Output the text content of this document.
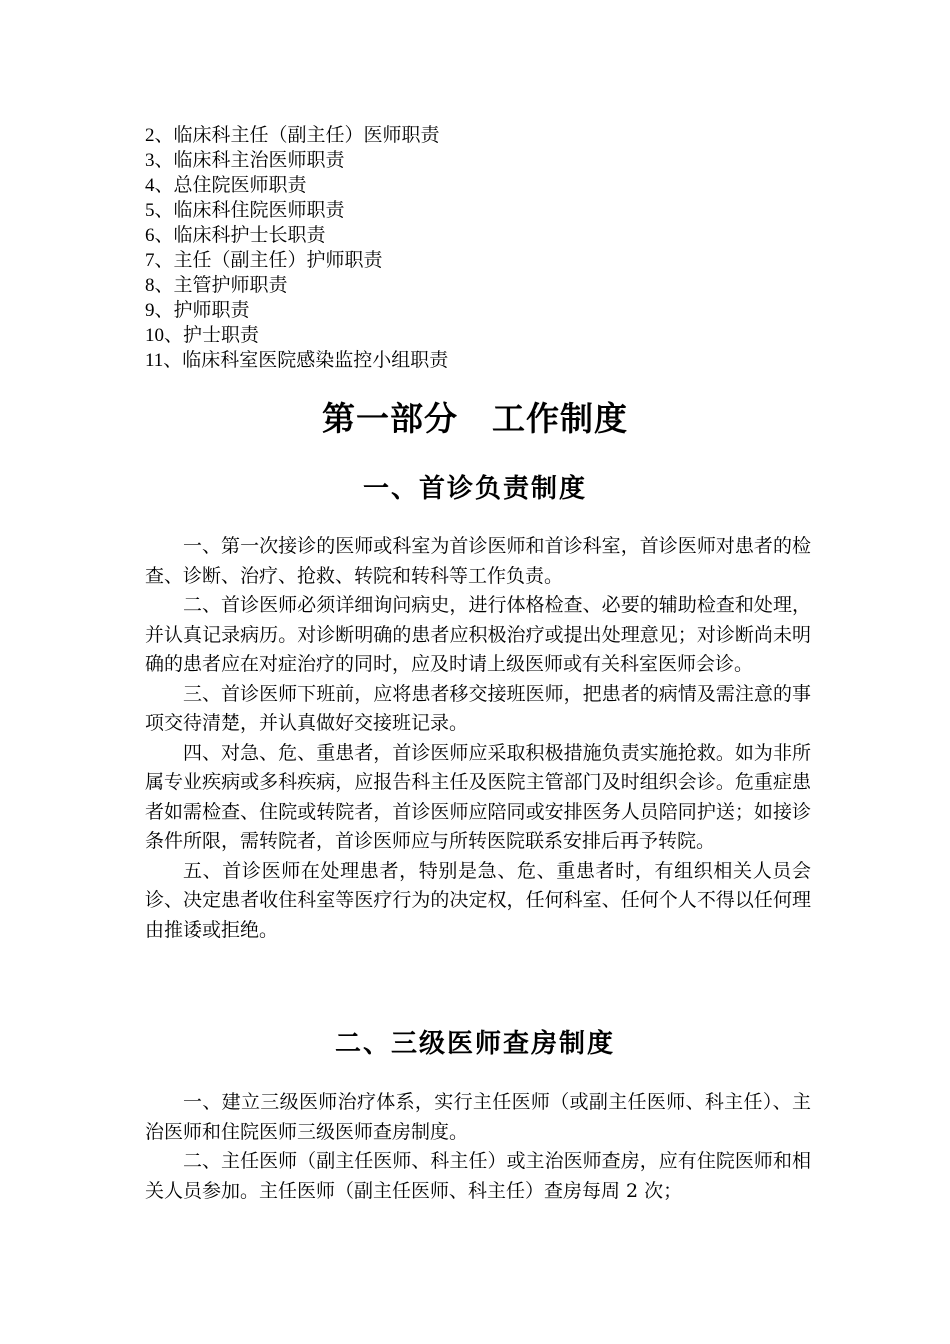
2、临床科主任（副主任）医师职责
3、临床科主治医师职责
4、总住院医师职责
5、临床科住院医师职责
6、临床科护士长职责
7、主任（副主任）护师职责
8、主管护师职责
9、护师职责
10、护士职责
11、临床科室医院感染监控小组职责
第一部分　工作制度
一、首诊负责制度

一、第一次接诊的医师或科室为首诊医师和首诊科室，首诊医师对患者的检查、诊断、治疗、抢救、转院和转科等工作负责。

二、首诊医师必须详细询问病史，进行体格检查、必要的辅助检查和处理，并认真记录病历。对诊断明确的患者应积极治疗或提出处理意见；对诊断尚未明确的患者应在对症治疗的同时，应及时请上级医师或有关科室医师会诊。

三、首诊医师下班前，应将患者移交接班医师，把患者的病情及需注意的事项交待清楚，并认真做好交接班记录。

四、对急、危、重患者，首诊医师应采取积极措施负责实施抢救。如为非所属专业疾病或多科疾病，应报告科主任及医院主管部门及时组织会诊。危重症患者如需检查、住院或转院者，首诊医师应陪同或安排医务人员陪同护送；如接诊条件所限，需转院者，首诊医师应与所转医院联系安排后再予转院。

五、首诊医师在处理患者，特别是急、危、重患者时，有组织相关人员会诊、决定患者收住科室等医疗行为的决定权，任何科室、任何个人不得以任何理由推诿或拒绝。

二、三级医师查房制度

一、建立三级医师治疗体系，实行主任医师（或副主任医师、科主任）、主治医师和住院医师三级医师查房制度。

二、主任医师（副主任医师、科主任）或主治医师查房，应有住院医师和相关人员参加。主任医师（副主任医师、科主任）查房每周 2 次；
